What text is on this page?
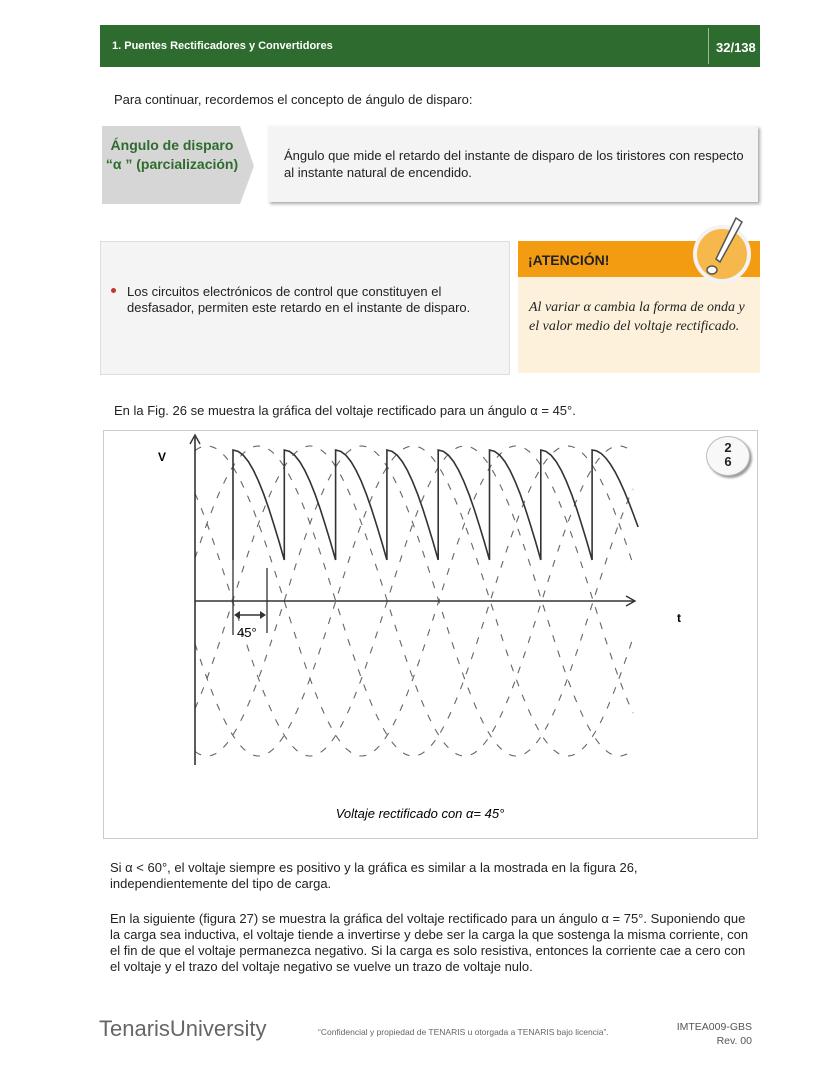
1. Puentes Rectificadores y Convertidores	32/138
Para continuar, recordemos el concepto de ángulo de disparo:
Ángulo de disparo “α ” (parcialización)
Ángulo que mide el retardo del instante de disparo de los tiristores con respecto al instante natural de encendido.
Los circuitos electrónicos de control que constituyen el desfasador, permiten este retardo en el instante de disparo.
¡ATENCIÓN!
Al variar α cambia la forma de onda y el valor medio del voltaje rectificado.
En la Fig. 26 se muestra la gráfica del voltaje rectificado para un ángulo α = 45°.
V
t
45°
Voltaje rectificado con α= 45°
2
6
Si α < 60°, el voltaje siempre es positivo y la gráfica es similar a la mostrada en la figura 26, independientemente del tipo de carga.
En la siguiente (figura 27) se muestra la gráfica del voltaje rectificado para un ángulo α = 75°. Suponiendo que la carga sea inductiva, el voltaje tiende a invertirse y debe ser la carga la que sostenga la misma corriente, con el fin de que el voltaje permanezca negativo. Si la carga es solo resistiva, entonces la corriente cae a cero con el voltaje y el trazo del voltaje negativo se vuelve un trazo de voltaje nulo.
TenarisUniversity	“Confidencial y propiedad de TENARIS u otorgada a TENARIS bajo licencia”.	IMTEA009-GBS
Rev. 00
